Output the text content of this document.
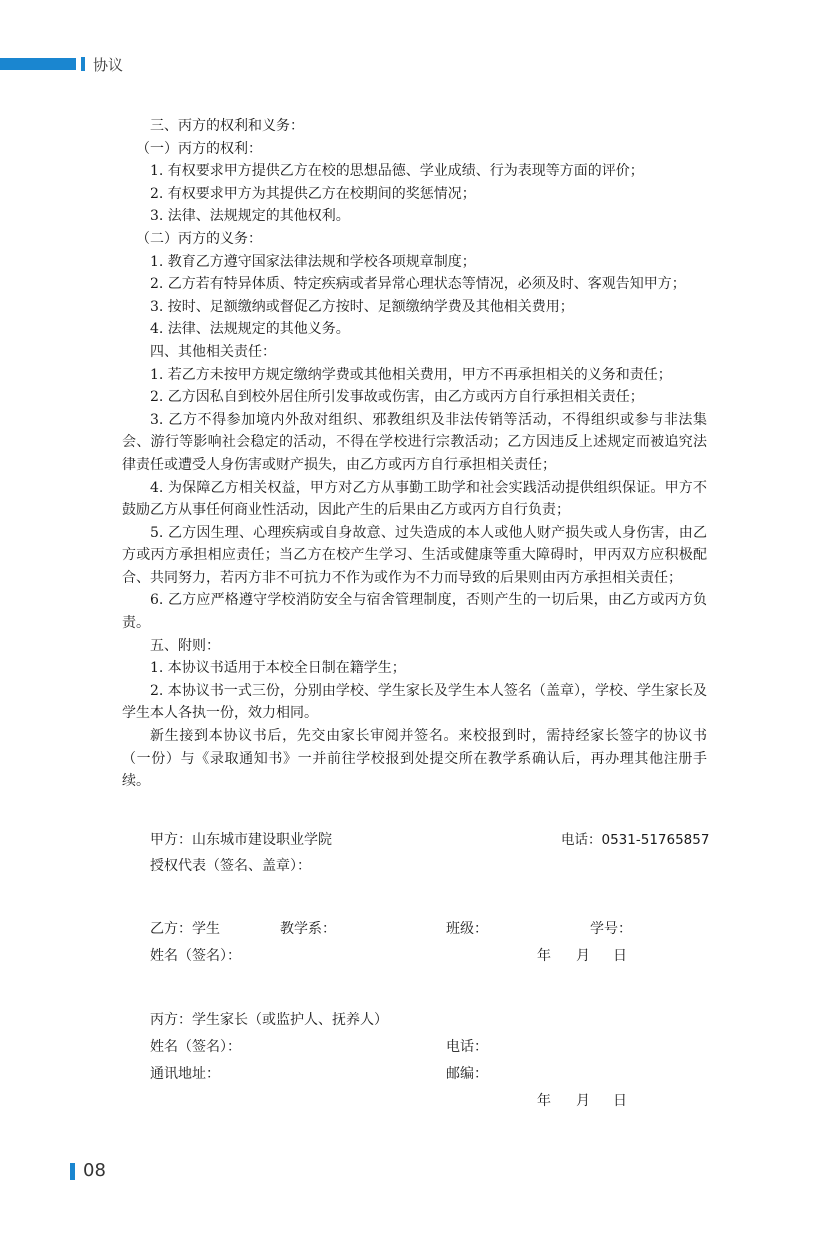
协议

三、丙方的权利和义务：

（一）丙方的权利：

1. 有权要求甲方提供乙方在校的思想品德、学业成绩、行为表现等方面的评价；

2. 有权要求甲方为其提供乙方在校期间的奖惩情况；

3. 法律、法规规定的其他权利。

（二）丙方的义务：

1. 教育乙方遵守国家法律法规和学校各项规章制度；

2. 乙方若有特异体质、特定疾病或者异常心理状态等情况，必须及时、客观告知甲方；

3. 按时、足额缴纳或督促乙方按时、足额缴纳学费及其他相关费用；

4. 法律、法规规定的其他义务。

四、其他相关责任：

1. 若乙方未按甲方规定缴纳学费或其他相关费用，甲方不再承担相关的义务和责任；

2. 乙方因私自到校外居住所引发事故或伤害，由乙方或丙方自行承担相关责任；

3. 乙方不得参加境内外敌对组织、邪教组织及非法传销等活动，不得组织或参与非法集会、游行等影响社会稳定的活动，不得在学校进行宗教活动；乙方因违反上述规定而被追究法律责任或遭受人身伤害或财产损失，由乙方或丙方自行承担相关责任；

4. 为保障乙方相关权益，甲方对乙方从事勤工助学和社会实践活动提供组织保证。甲方不鼓励乙方从事任何商业性活动，因此产生的后果由乙方或丙方自行负责；

5. 乙方因生理、心理疾病或自身故意、过失造成的本人或他人财产损失或人身伤害，由乙方或丙方承担相应责任；当乙方在校产生学习、生活或健康等重大障碍时，甲丙双方应积极配合、共同努力，若丙方非不可抗力不作为或作为不力而导致的后果则由丙方承担相关责任；

6. 乙方应严格遵守学校消防安全与宿舍管理制度，否则产生的一切后果，由乙方或丙方负责。

五、附则：

1. 本协议书适用于本校全日制在籍学生；

2. 本协议书一式三份，分别由学校、学生家长及学生本人签名（盖章），学校、学生家长及学生本人各执一份，效力相同。

新生接到本协议书后，先交由家长审阅并签名。来校报到时，需持经家长签字的协议书（一份）与《录取通知书》一并前往学校报到处提交所在教学系确认后，再办理其他注册手续。

甲方：山东城市建设职业学院	电话：0531-51765857
授权代表（签名、盖章）：
乙方：学生	教学系：	班级：	学号：
姓名（签名）：	年 月 日
丙方：学生家长（或监护人、抚养人）
姓名（签名）：	电话：
通讯地址：	邮编：
年 月 日
08
